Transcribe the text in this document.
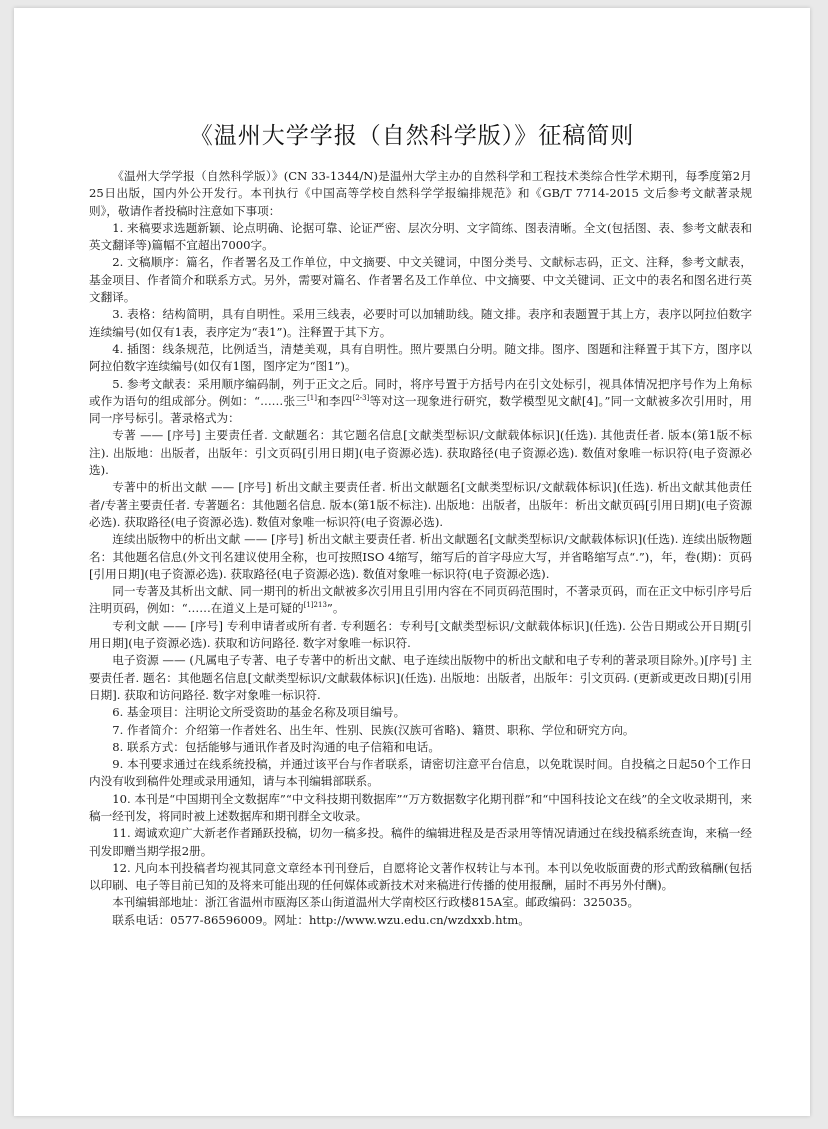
《温州大学学报（自然科学版）》征稿简则

《温州大学学报（自然科学版）》(CN 33-1344/N)是温州大学主办的自然科学和工程技术类综合性学术期刊，每季度第2月25日出版，国内外公开发行。本刊执行《中国高等学校自然科学学报编排规范》和《GB/T 7714-2015 文后参考文献著录规则》，敬请作者投稿时注意如下事项：

1. 来稿要求选题新颖、论点明确、论据可靠、论证严密、层次分明、文字简练、图表清晰。全文(包括图、表、参考文献表和英文翻译等)篇幅不宜超出7000字。

2. 文稿顺序：篇名，作者署名及工作单位，中文摘要、中文关键词，中图分类号、文献标志码，正文、注释，参考文献表，基金项目、作者简介和联系方式。另外，需要对篇名、作者署名及工作单位、中文摘要、中文关键词、正文中的表名和图名进行英文翻译。

3. 表格：结构简明，具有自明性。采用三线表，必要时可以加辅助线。随文排。表序和表题置于其上方，表序以阿拉伯数字连续编号(如仅有1表，表序定为“表1”)。注释置于其下方。

4. 插图：线条规范，比例适当，清楚美观，具有自明性。照片要黑白分明。随文排。图序、图题和注释置于其下方，图序以阿拉伯数字连续编号(如仅有1图，图序定为“图1”)。

5. 参考文献表：采用顺序编码制，列于正文之后。同时，将序号置于方括号内在引文处标引，视具体情况把序号作为上角标或作为语句的组成部分。例如：“……张三[1]和李四[2-3]等对这一现象进行研究，数学模型见文献[4]。”同一文献被多次引用时，用同一序号标引。著录格式为：

专著 —— [序号] 主要责任者. 文献题名：其它题名信息[文献类型标识/文献载体标识](任选). 其他责任者. 版本(第1版不标注). 出版地：出版者，出版年：引文页码[引用日期](电子资源必选). 获取路径(电子资源必选). 数值对象唯一标识符(电子资源必选).

专著中的析出文献 —— [序号] 析出文献主要责任者. 析出文献题名[文献类型标识/文献载体标识](任选). 析出文献其他责任者/专著主要责任者. 专著题名：其他题名信息. 版本(第1版不标注). 出版地：出版者，出版年：析出文献页码[引用日期](电子资源必选). 获取路径(电子资源必选). 数值对象唯一标识符(电子资源必选).

连续出版物中的析出文献 —— [序号] 析出文献主要责任者. 析出文献题名[文献类型标识/文献载体标识](任选). 连续出版物题名：其他题名信息(外文刊名建议使用全称，也可按照ISO 4缩写，缩写后的首字母应大写，并省略缩写点“.”)，年，卷(期)：页码[引用日期](电子资源必选). 获取路径(电子资源必选). 数值对象唯一标识符(电子资源必选).

同一专著及其析出文献、同一期刊的析出文献被多次引用且引用内容在不同页码范围时，不著录页码，而在正文中标引序号后注明页码，例如：“……在道义上是可疑的$^{[1]213}$”。

专利文献 —— [序号] 专利申请者或所有者. 专利题名：专利号[文献类型标识/文献载体标识](任选). 公告日期或公开日期[引用日期](电子资源必选). 获取和访问路径. 数字对象唯一标识符.

电子资源 —— (凡属电子专著、电子专著中的析出文献、电子连续出版物中的析出文献和电子专利的著录项目除外。)[序号] 主要责任者. 题名：其他题名信息[文献类型标识/文献载体标识](任选). 出版地：出版者，出版年：引文页码. (更新或更改日期)[引用日期]. 获取和访问路径. 数字对象唯一标识符.

6. 基金项目：注明论文所受资助的基金名称及项目编号。

7. 作者简介：介绍第一作者姓名、出生年、性别、民族(汉族可省略)、籍贯、职称、学位和研究方向。

8. 联系方式：包括能够与通讯作者及时沟通的电子信箱和电话。

9. 本刊要求通过在线系统投稿，并通过该平台与作者联系，请密切注意平台信息，以免耽误时间。自投稿之日起50个工作日内没有收到稿件处理或录用通知，请与本刊编辑部联系。

10. 本刊是“中国期刊全文数据库”“中文科技期刊数据库”“万方数据数字化期刊群”和“中国科技论文在线”的全文收录期刊，来稿一经刊发，将同时被上述数据库和期刊群全文收录。

11. 竭诚欢迎广大新老作者踊跃投稿，切勿一稿多投。稿件的编辑进程及是否录用等情况请通过在线投稿系统查询，来稿一经刊发即赠当期学报2册。

12. 凡向本刊投稿者均视其同意文章经本刊刊登后，自愿将论文著作权转让与本刊。本刊以免收版面费的形式酌致稿酬(包括以印刷、电子等目前已知的及将来可能出现的任何媒体或新技术对来稿进行传播的使用报酬，届时不再另外付酬)。

本刊编辑部地址：浙江省温州市瓯海区茶山街道温州大学南校区行政楼815A室。邮政编码：325035。

联系电话：0577-86596009。网址：http://www.wzu.edu.cn/wzdxxb.htm。
